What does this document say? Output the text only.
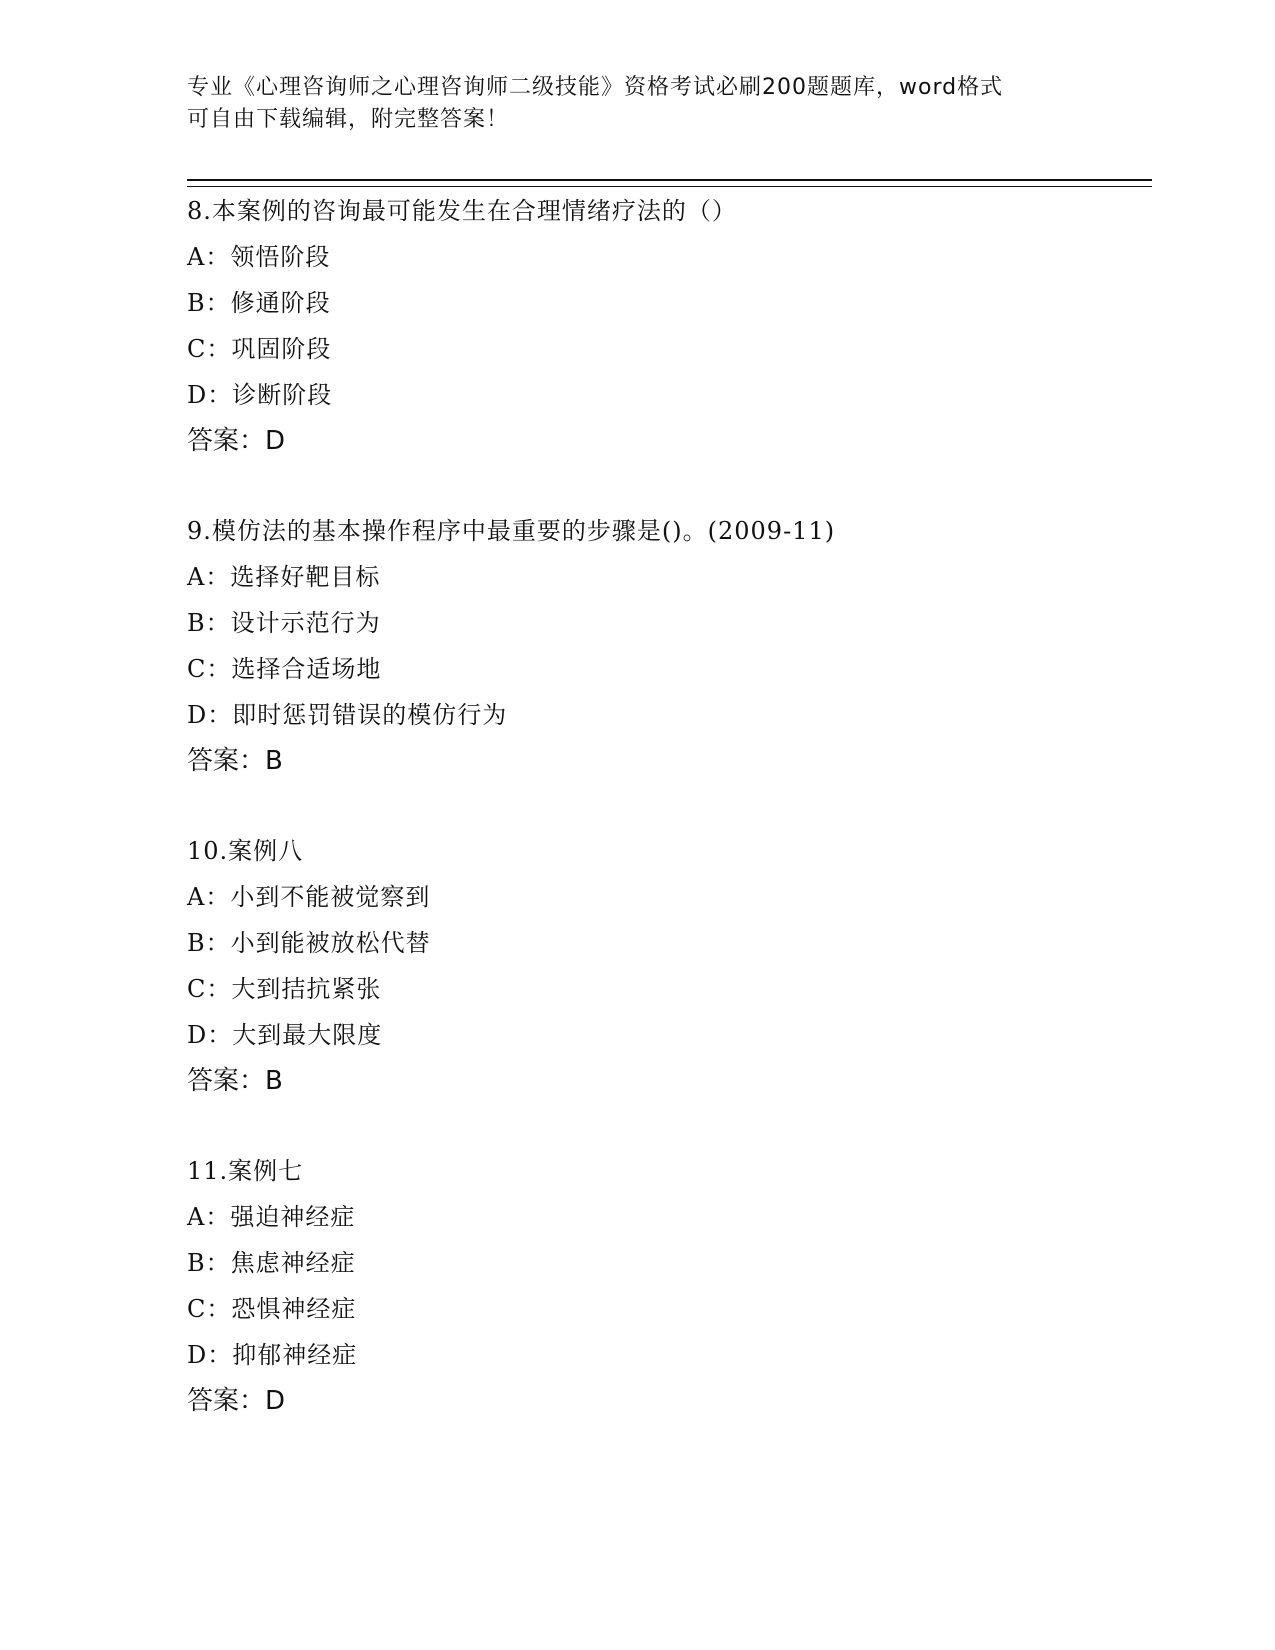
专业《心理咨询师之心理咨询师二级技能》资格考试必刷200题题库，word格式
可自由下载编辑，附完整答案！
8.本案例的咨询最可能发生在合理情绪疗法的（）
A：领悟阶段
B：修通阶段
C：巩固阶段
D：诊断阶段
答案：D
9.模仿法的基本操作程序中最重要的步骤是()。(2009-11)
A：选择好靶目标
B：设计示范行为
C：选择合适场地
D：即时惩罚错误的模仿行为
答案：B
10.案例八
A：小到不能被觉察到
B：小到能被放松代替
C：大到拮抗紧张
D：大到最大限度
答案：B
11.案例七
A：强迫神经症
B：焦虑神经症
C：恐惧神经症
D：抑郁神经症
答案：D
